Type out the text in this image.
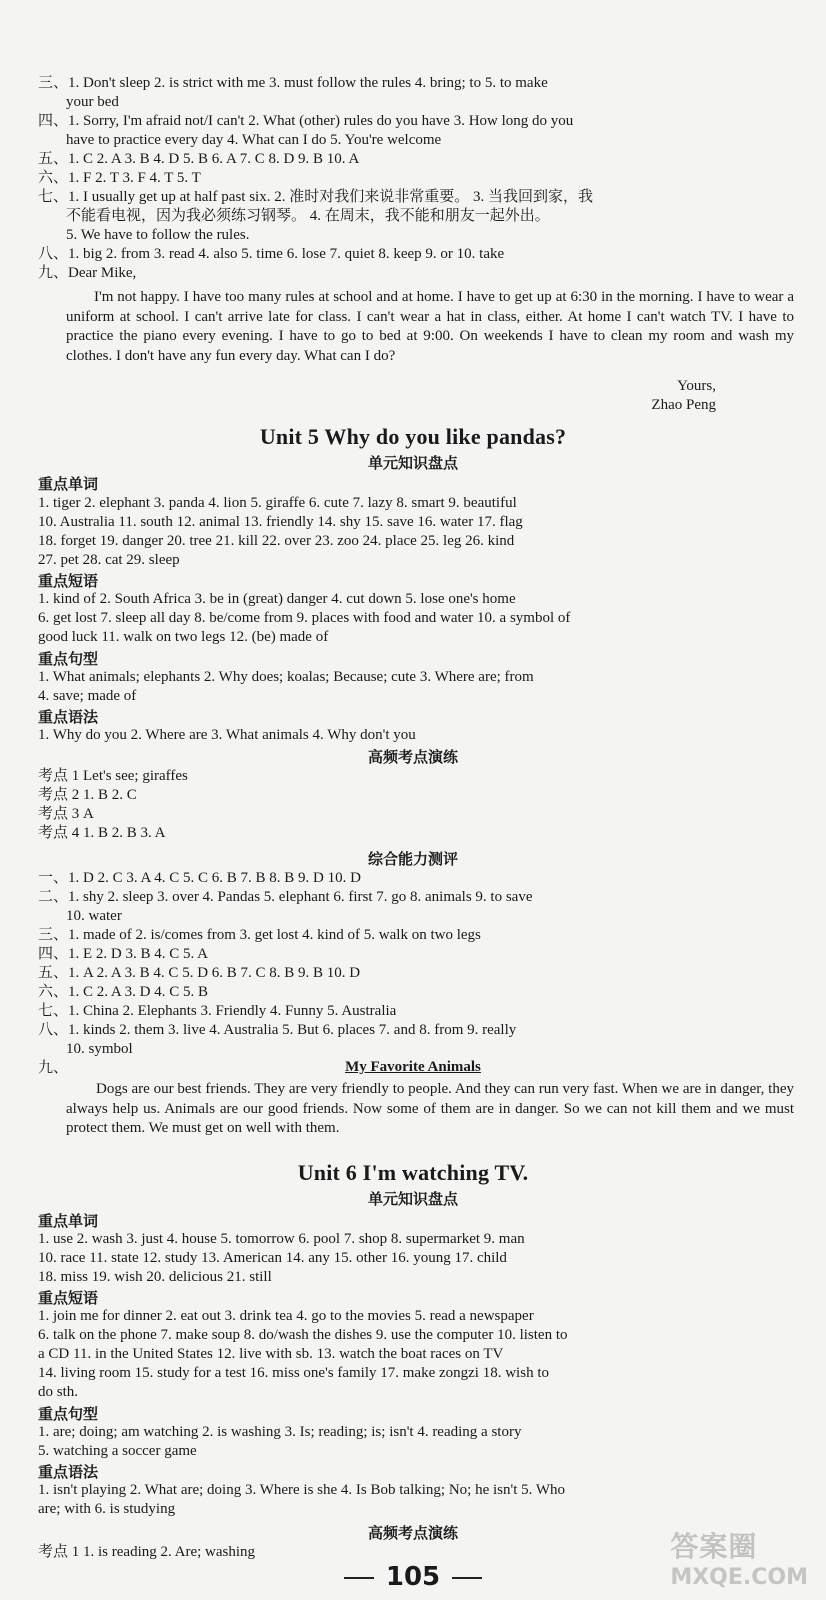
三、1. Don't sleep 2. is strict with me 3. must follow the rules 4. bring; to 5. to make
your bed
四、1. Sorry, I'm afraid not/I can't 2. What (other) rules do you have 3. How long do you
have to practice every day 4. What can I do 5. You're welcome
五、1. C 2. A 3. B 4. D 5. B 6. A 7. C 8. D 9. B 10. A
六、1. F 2. T 3. F 4. T 5. T
七、1. I usually get up at half past six. 2. 准时对我们来说非常重要。 3. 当我回到家，我
不能看电视，因为我必须练习钢琴。 4. 在周末，我不能和朋友一起外出。
5. We have to follow the rules.
八、1. big 2. from 3. read 4. also 5. time 6. lose 7. quiet 8. keep 9. or 10. take
九、Dear Mike,
I'm not happy. I have too many rules at school and at home. I have to get up at 6:30 in the morning. I have to wear a uniform at school. I can't arrive late for class. I can't wear a hat in class, either. At home I can't watch TV. I have to practice the piano every evening. I have to go to bed at 9:00. On weekends I have to clean my room and wash my clothes. I don't have any fun every day. What can I do?
Yours,
Zhao Peng
Unit 5 Why do you like pandas?
单元知识盘点
重点单词
1. tiger 2. elephant 3. panda 4. lion 5. giraffe 6. cute 7. lazy 8. smart 9. beautiful
10. Australia 11. south 12. animal 13. friendly 14. shy 15. save 16. water 17. flag
18. forget 19. danger 20. tree 21. kill 22. over 23. zoo 24. place 25. leg 26. kind
27. pet 28. cat 29. sleep
重点短语
1. kind of 2. South Africa 3. be in (great) danger 4. cut down 5. lose one's home
6. get lost 7. sleep all day 8. be/come from 9. places with food and water 10. a symbol of
good luck 11. walk on two legs 12. (be) made of
重点句型
1. What animals; elephants 2. Why does; koalas; Because; cute 3. Where are; from
4. save; made of
重点语法
1. Why do you 2. Where are 3. What animals 4. Why don't you
高频考点演练
考点 1 Let's see; giraffes
考点 2 1. B 2. C
考点 3 A
考点 4 1. B 2. B 3. A
综合能力测评
一、1. D 2. C 3. A 4. C 5. C 6. B 7. B 8. B 9. D 10. D
二、1. shy 2. sleep 3. over 4. Pandas 5. elephant 6. first 7. go 8. animals 9. to save
10. water
三、1. made of 2. is/comes from 3. get lost 4. kind of 5. walk on two legs
四、1. E 2. D 3. B 4. C 5. A
五、1. A 2. A 3. B 4. C 5. D 6. B 7. C 8. B 9. B 10. D
六、1. C 2. A 3. D 4. C 5. B
七、1. China 2. Elephants 3. Friendly 4. Funny 5. Australia
八、1. kinds 2. them 3. live 4. Australia 5. But 6. places 7. and 8. from 9. really
10. symbol
九、	My Favorite Animals
Dogs are our best friends. They are very friendly to people. And they can run very fast. When we are in danger, they always help us. Animals are our good friends. Now some of them are in danger. So we can not kill them and we must protect them. We must get on well with them.
Unit 6 I'm watching TV.
单元知识盘点
重点单词
1. use 2. wash 3. just 4. house 5. tomorrow 6. pool 7. shop 8. supermarket 9. man
10. race 11. state 12. study 13. American 14. any 15. other 16. young 17. child
18. miss 19. wish 20. delicious 21. still
重点短语
1. join me for dinner 2. eat out 3. drink tea 4. go to the movies 5. read a newspaper
6. talk on the phone 7. make soup 8. do/wash the dishes 9. use the computer 10. listen to
a CD 11. in the United States 12. live with sb. 13. watch the boat races on TV
14. living room 15. study for a test 16. miss one's family 17. make zongzi 18. wish to
do sth.
重点句型
1. are; doing; am watching 2. is washing 3. Is; reading; is; isn't 4. reading a story
5. watching a soccer game
重点语法
1. isn't playing 2. What are; doing 3. Where is she 4. Is Bob talking; No; he isn't 5. Who
are; with 6. is studying
高频考点演练
考点 1 1. is reading 2. Are; washing
105
答案圈
MXQE.COM
